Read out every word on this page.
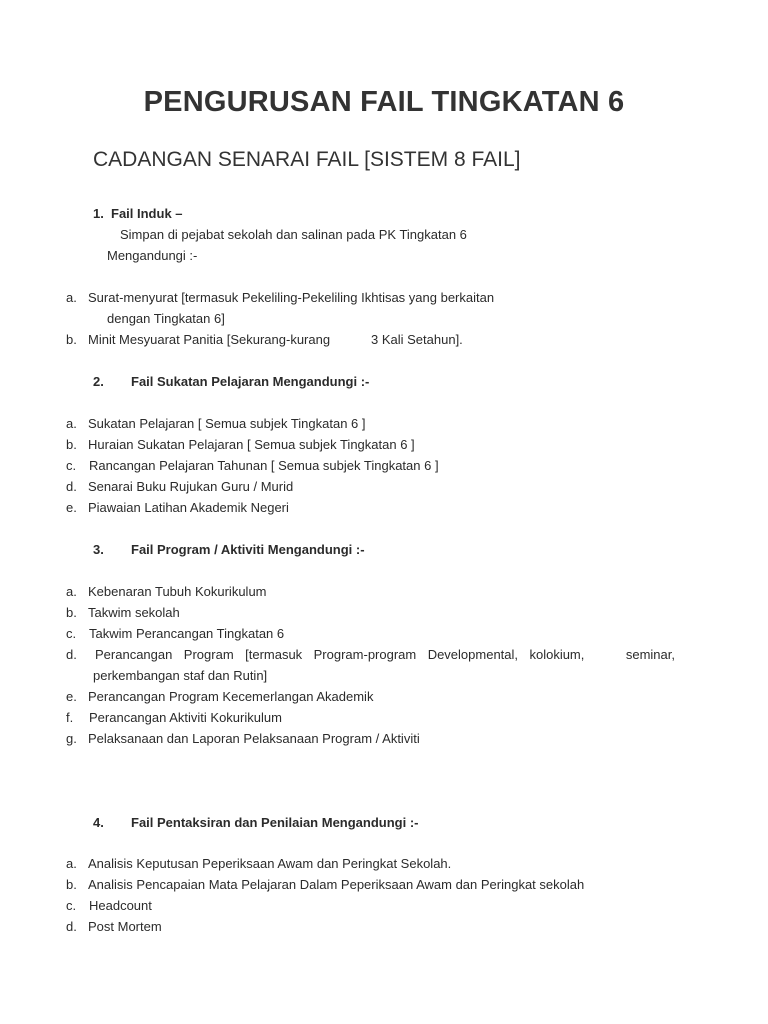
PENGURUSAN FAIL TINGKATAN 6
CADANGAN SENARAI FAIL [SISTEM 8 FAIL]
1. Fail Induk –
Simpan di pejabat sekolah dan salinan pada PK Tingkatan 6
Mengandungi :-
a. Surat-menyurat [termasuk Pekeliling-Pekeliling Ikhtisas yang berkaitan
dengan Tingkatan 6]
b. Minit Mesyuarat Panitia [Sekurang-kurang	3 Kali Setahun].
2. Fail Sukatan Pelajaran Mengandungi :-
a. Sukatan Pelajaran [ Semua subjek Tingkatan 6 ]
b. Huraian Sukatan Pelajaran [ Semua subjek Tingkatan 6 ]
c. Rancangan Pelajaran Tahunan [ Semua subjek Tingkatan 6 ]
d. Senarai Buku Rujukan Guru / Murid
e. Piawaian Latihan Akademik Negeri
3. Fail Program / Aktiviti Mengandungi :-
a. Kebenaran Tubuh Kokurikulum
b. Takwim sekolah
c. Takwim Perancangan Tingkatan 6
d. Perancangan Program [termasuk Program-program Developmental, kolokium,	seminar,
perkembangan staf dan Rutin]
e. Perancangan Program Kecemerlangan Akademik
f. Perancangan Aktiviti Kokurikulum
g. Pelaksanaan dan Laporan Pelaksanaan Program / Aktiviti
4. Fail Pentaksiran dan Penilaian Mengandungi :-
a. Analisis Keputusan Peperiksaan Awam dan Peringkat Sekolah.
b. Analisis Pencapaian Mata Pelajaran Dalam Peperiksaan Awam dan Peringkat sekolah
c. Headcount
d. Post Mortem
